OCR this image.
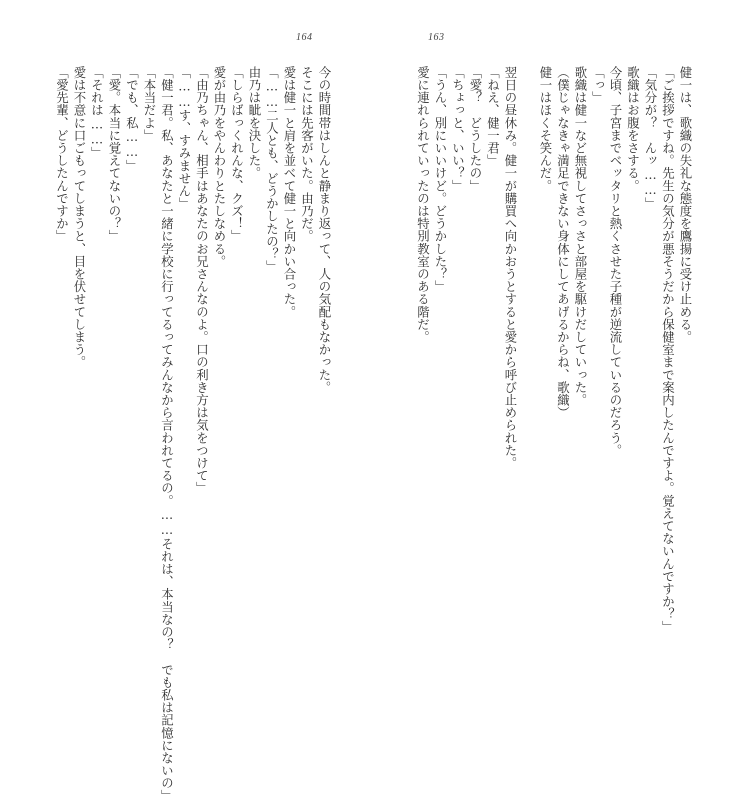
164	163
今の時間帯はしんと静まり返って、人の気配もなかった。
そこには先客がいた。由乃だ。
愛は健一と肩を並べて健一と向かい合った。
「……二人とも、どうかしたの？」
由乃は眦を決した。
「しらばっくれんな、クズ！」
愛が由乃をやんわりとたしなめる。
「由乃ちゃん、相手はあなたのお兄さんなのよ。口の利き方は気をつけて」
「……す、すみません」
「健一君。私、あなたと一緒に学校に行ってるってみんなから言われてるの。……それは、本当なの？　でも私は記憶にないの」
「本当だよ」
「でも、私……」
「愛。本当に覚えてないの？」
「それは……」
愛は不意に口ごもってしまうと、目を伏せてしまう。
「愛先輩、どうしたんですか」	健一は、歌織の失礼な態度を鷹揚に受け止める。
「ご挨拶ですね。先生の気分が悪そうだから保健室まで案内したんですよ。覚えてないんですか？」
「気分が？　んッ……」
歌織はお腹をさする。
今頃、子宮までベッタリと熱くさせた子種が逆流しているのだろう。
「っ」
歌織は健一など無視してさっさと部屋を駆けだしていった。
（僕じゃなきゃ満足できない身体にしてあげるからね、歌織）
健一はほくそ笑んだ。
翌日の昼休み。健一が購買へ向かおうとすると愛から呼び止められた。
「ねえ、健一君」
「愛？　どうしたの」
「ちょっと、いい？」
「うん、別にいいけど。どうかした？」
愛に連れられていったのは特別教室のある階だ。
